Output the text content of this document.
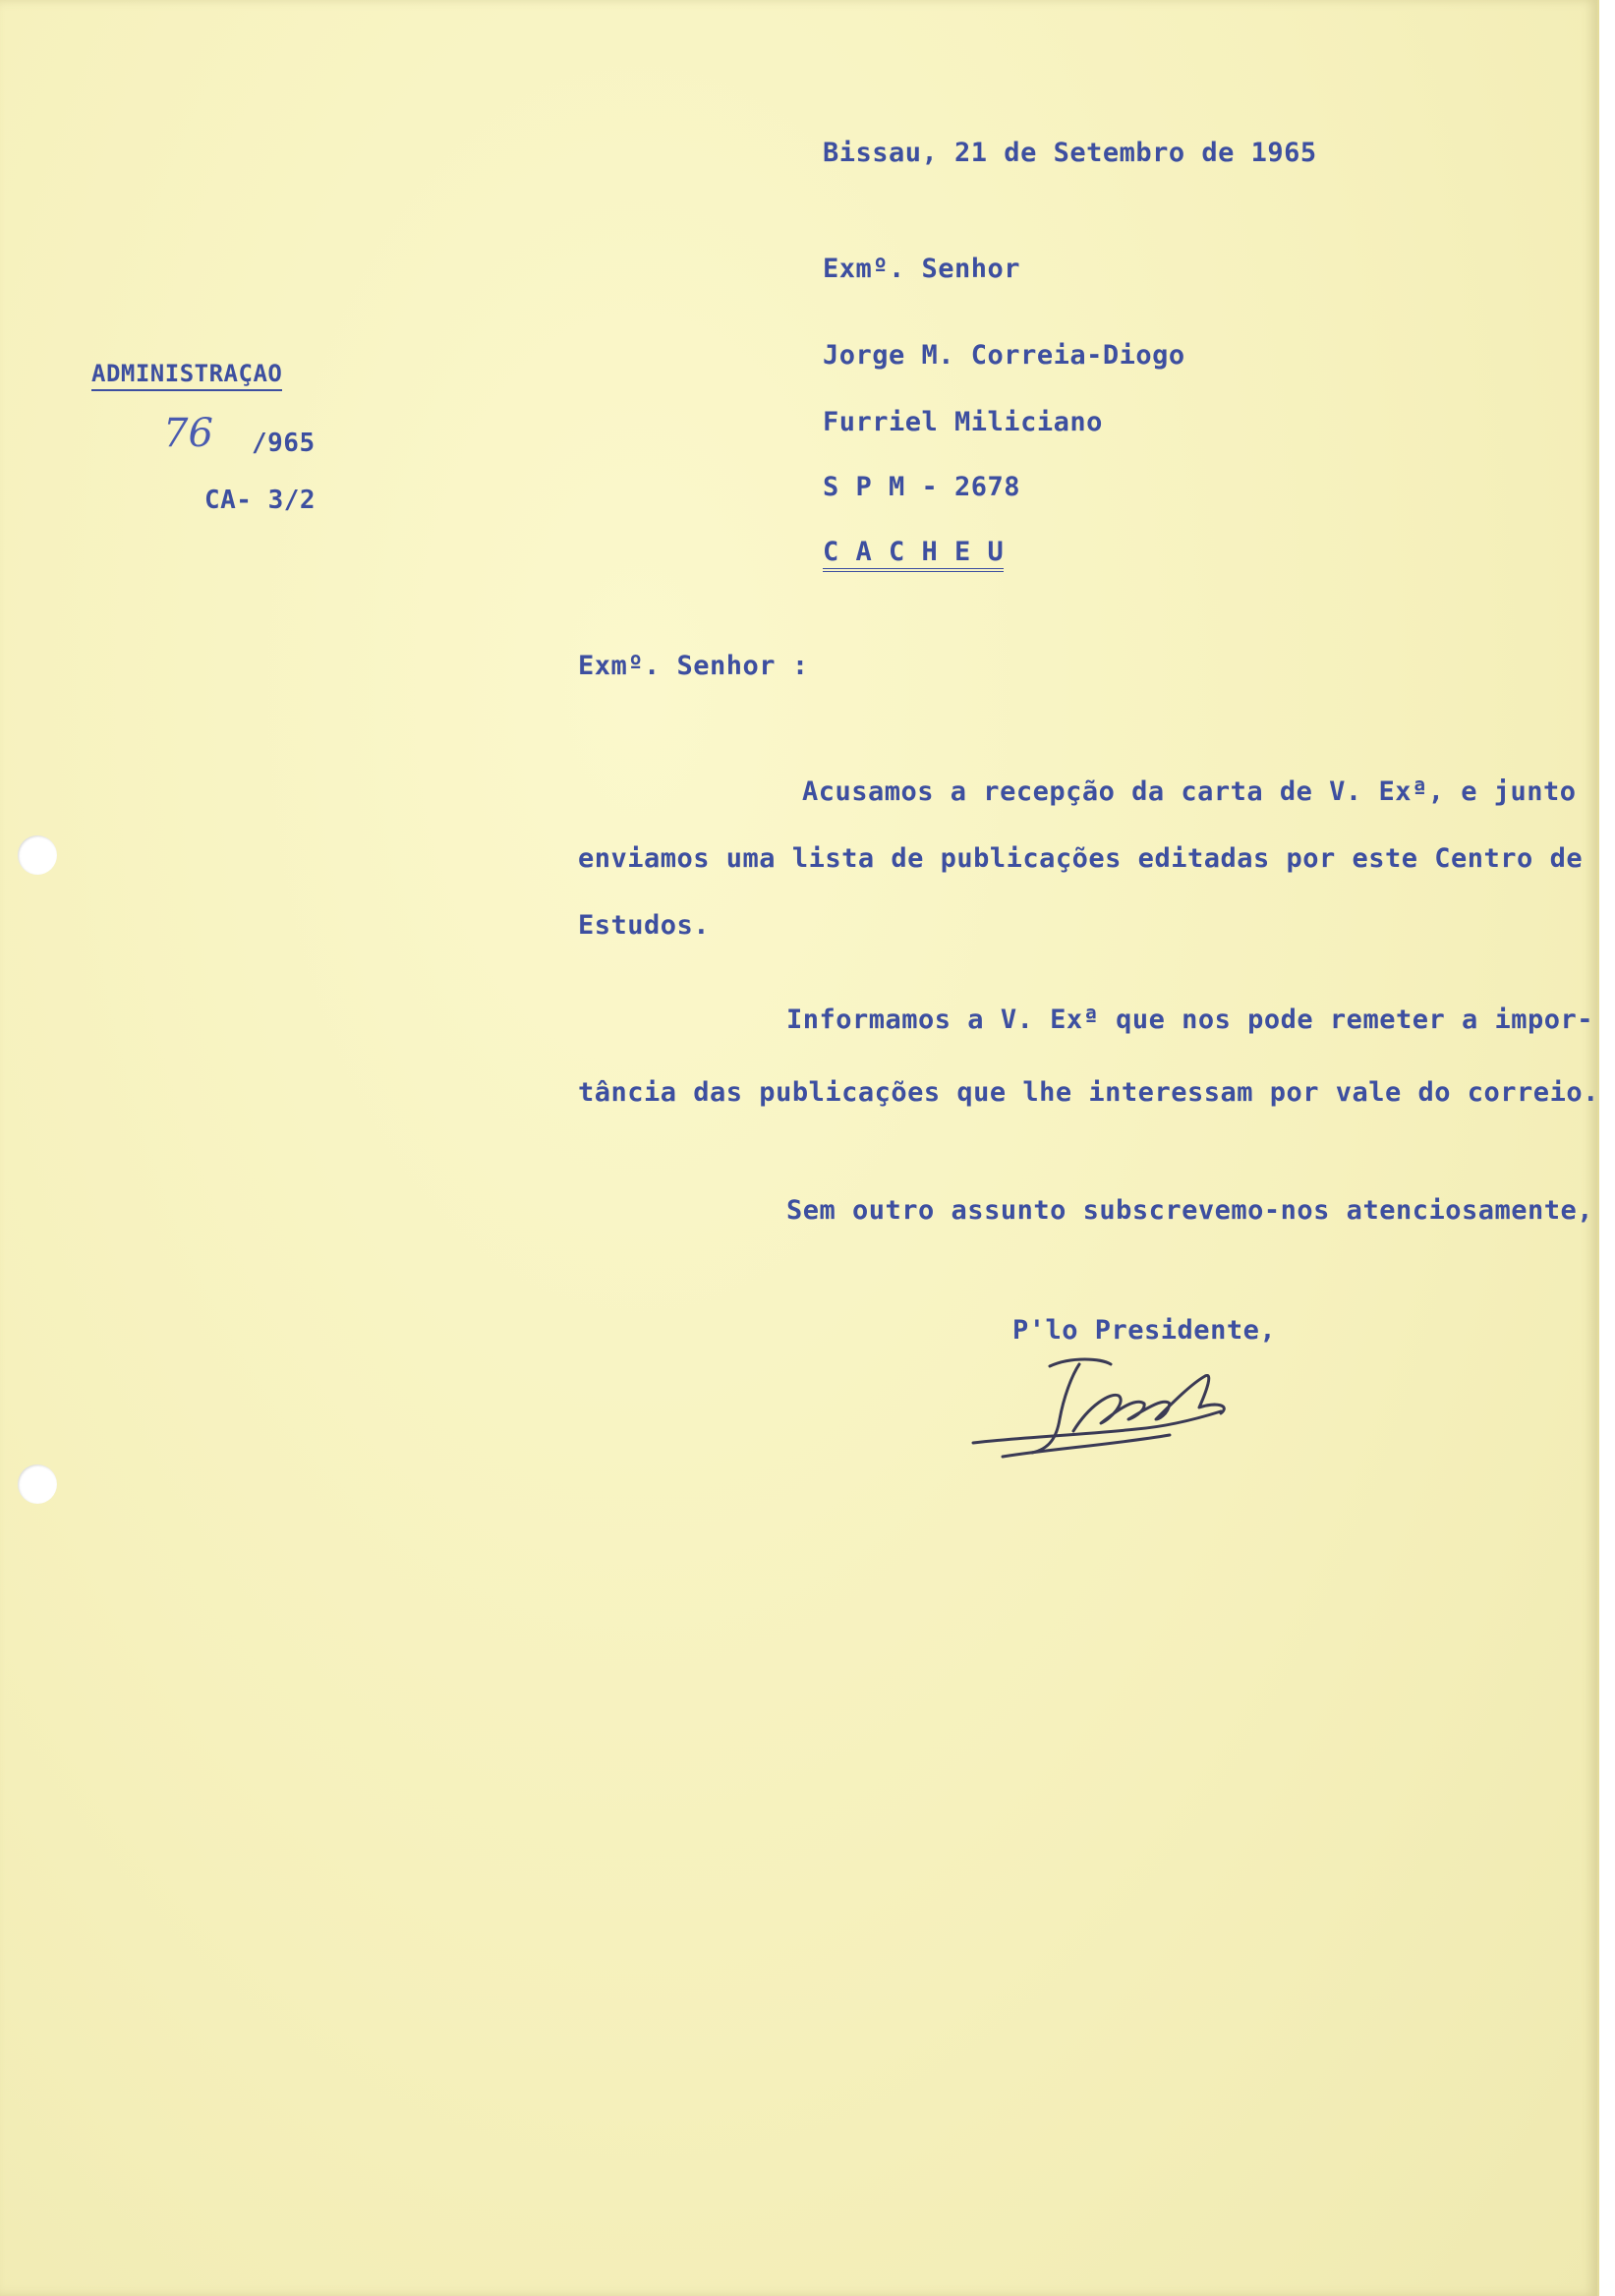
Bissau, 21 de Setembro de 1965
Exmº. Senhor
Jorge M. Correia-Diogo
Furriel Miliciano
S P M - 2678
C A C H E U
ADMINISTRAÇAO
76 /965
CA- 3/2
Exmº. Senhor :
Acusamos a recepção da carta de V. Exª, e junto
enviamos uma lista de publicações editadas por este Centro de
Estudos.
Informamos a V. Exª que nos pode remeter a impor-
tância das publicações que lhe interessam por vale do correio.
Sem outro assunto subscrevemo-nos atenciosamente,
P'lo Presidente,
